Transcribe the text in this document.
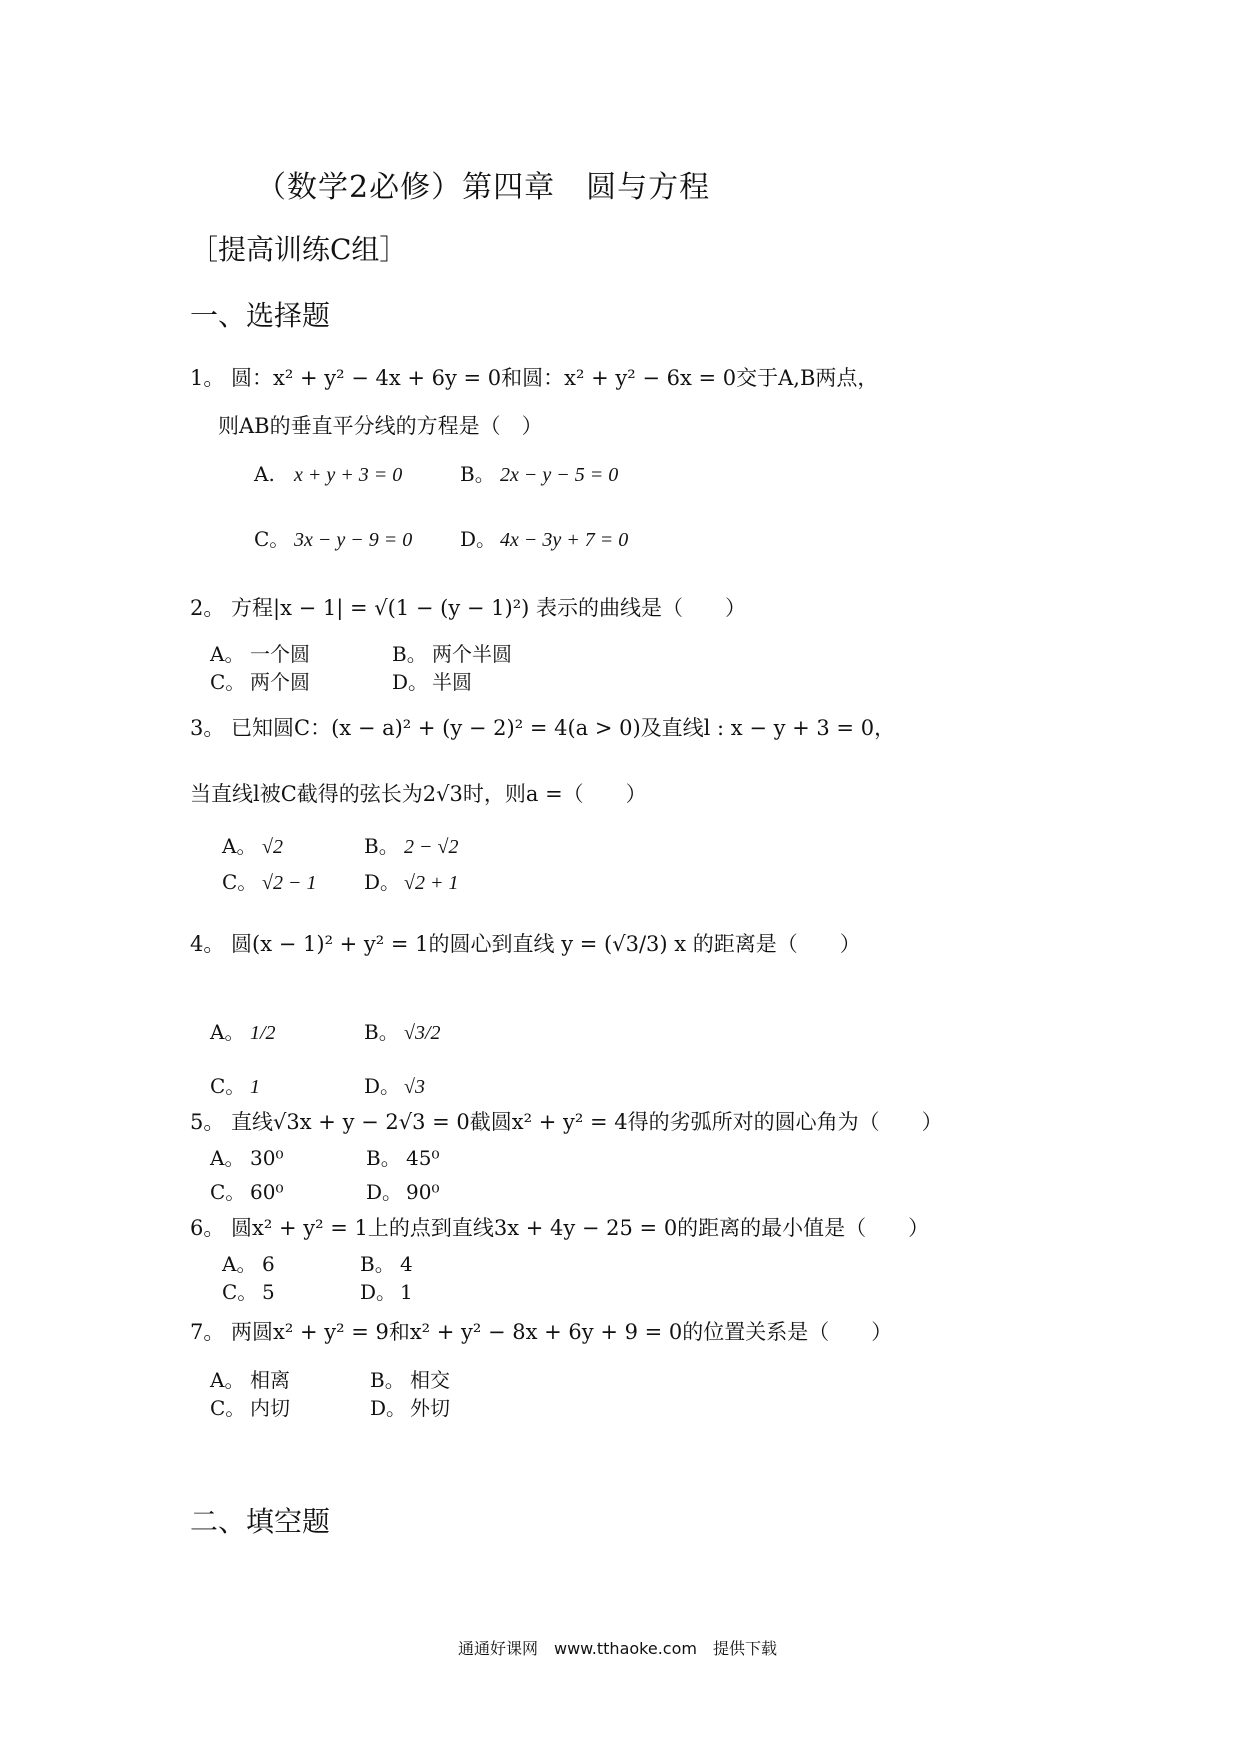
（数学2必修）第四章　圆与方程
［提高训练C组］
一、选择题
1。 圆：x² + y² − 4x + 6y = 0和圆：x² + y² − 6x = 0交于A,B两点，
则AB的垂直平分线的方程是（　）
A. x + y + 3 = 0	B。 2x − y − 5 = 0
C。 3x − y − 9 = 0 D。 4x − 3y + 7 = 0
2。 方程|x − 1| = √(1 − (y − 1)²) 表示的曲线是（　　）
A。 一个圆	B。 两个半圆
C。 两个圆	D。 半圆
3。 已知圆C：(x − a)² + (y − 2)² = 4(a > 0)及直线l : x − y + 3 = 0，
当直线l被C截得的弦长为2√3时，则a =（　　）
A。 √2	B。 2 − √2
C。 √2 − 1 D。 √2 + 1
4。 圆(x − 1)² + y² = 1的圆心到直线 y = (√3/3) x 的距离是（　　）
A。 1/2	B。 √3/2
C。 1	D。 √3
5。 直线√3x + y − 2√3 = 0截圆x² + y² = 4得的劣弧所对的圆心角为（　　）
A。 30⁰	B。 45⁰
C。 60⁰	D。 90⁰
6。 圆x² + y² = 1上的点到直线3x + 4y − 25 = 0的距离的最小值是（　　）
A。 6	B。 4
C。 5	D。 1
7。 两圆x² + y² = 9和x² + y² − 8x + 6y + 9 = 0的位置关系是（　　）
A。 相离	B。 相交
C。 内切	D。 外切
二、填空题
通通好课网　www.tthaoke.com　提供下载
